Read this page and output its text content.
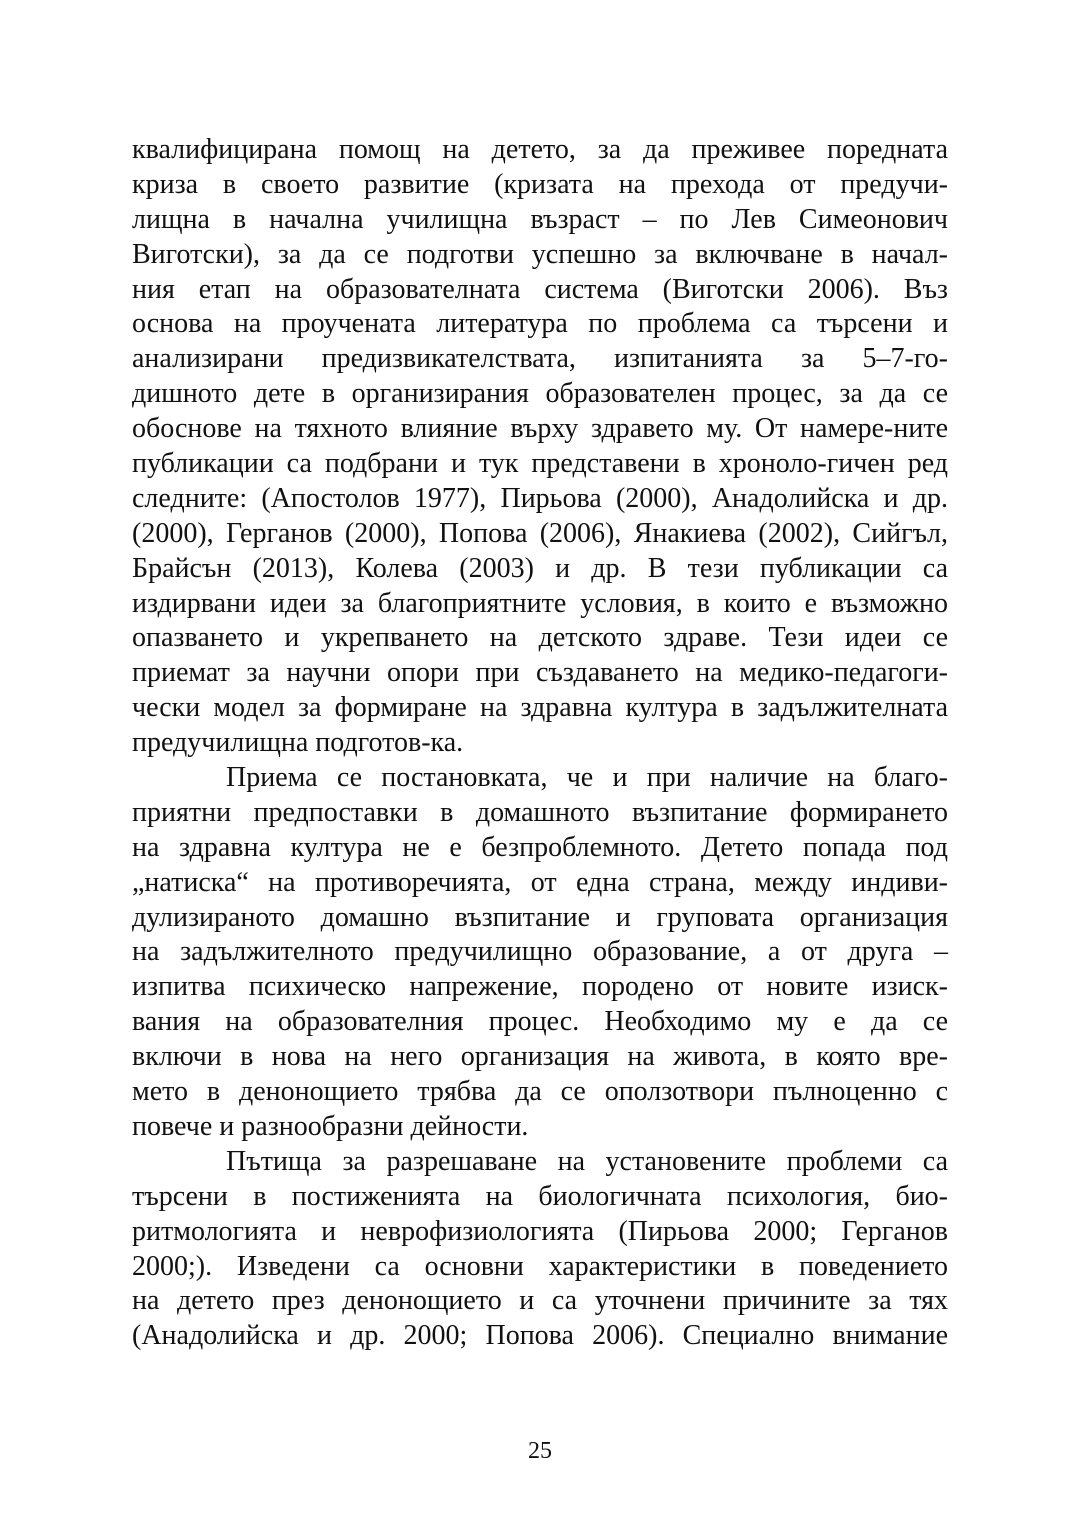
квалифицирана помощ на детето, за да преживее поредната
криза в своето развитие (кризата на прехода от предучи-
лищна в начална училищна възраст – по Лев Симеонович
Виготски), за да се подготви успешно за включване в начал-
ния етап на образователната система (Виготски 2006). Въз
основа на проучената литература по проблема са търсени и
анализирани предизвикателствата, изпитанията за 5–7-го-
дишното дете в организирания образователен процес, за да се
обоснове на тяхното влияние върху здравето му. От намере-ните
публикации са подбрани и тук представени в хроноло-гичен ред
следните: (Апостолов 1977), Пирьова (2000), Анадолийска и др.
(2000), Герганов (2000), Попова (2006), Янакиева (2002), Сийгъл,
Брайсън (2013), Колева (2003) и др. В тези публикации са
издирвани идеи за благоприятните условия, в които е възможно
опазването и укрепването на детското здраве. Тези идеи се
приемат за научни опори при създаването на медико-педагоги-
чески модел за формиране на здравна култура в задължителната
предучилищна подготов-ка.
Приема се постановката, че и при наличие на благо-
приятни предпоставки в домашното възпитание формирането
на здравна култура не е безпроблемното. Детето попада под
„натиска“ на противоречията, от една страна, между индиви-
дулизираното домашно възпитание и груповата организация
на задължителното предучилищно образование, а от друга –
изпитва психическо напрежение, породено от новите изиск-
вания на образователния процес. Необходимо му е да се
включи в нова на него организация на живота, в която вре-
мето в денонощието трябва да се оползотвори пълноценно с
повече и разнообразни дейности.
Пътища за разрешаване на установените проблеми са
търсени в постиженията на биологичната психология, био-
ритмологията и неврофизиологията (Пирьова 2000; Герганов
2000;). Изведени са основни характеристики в поведението
на детето през денонощието и са уточнени причините за тях
(Анадолийска и др. 2000; Попова 2006). Специално внимание
25
